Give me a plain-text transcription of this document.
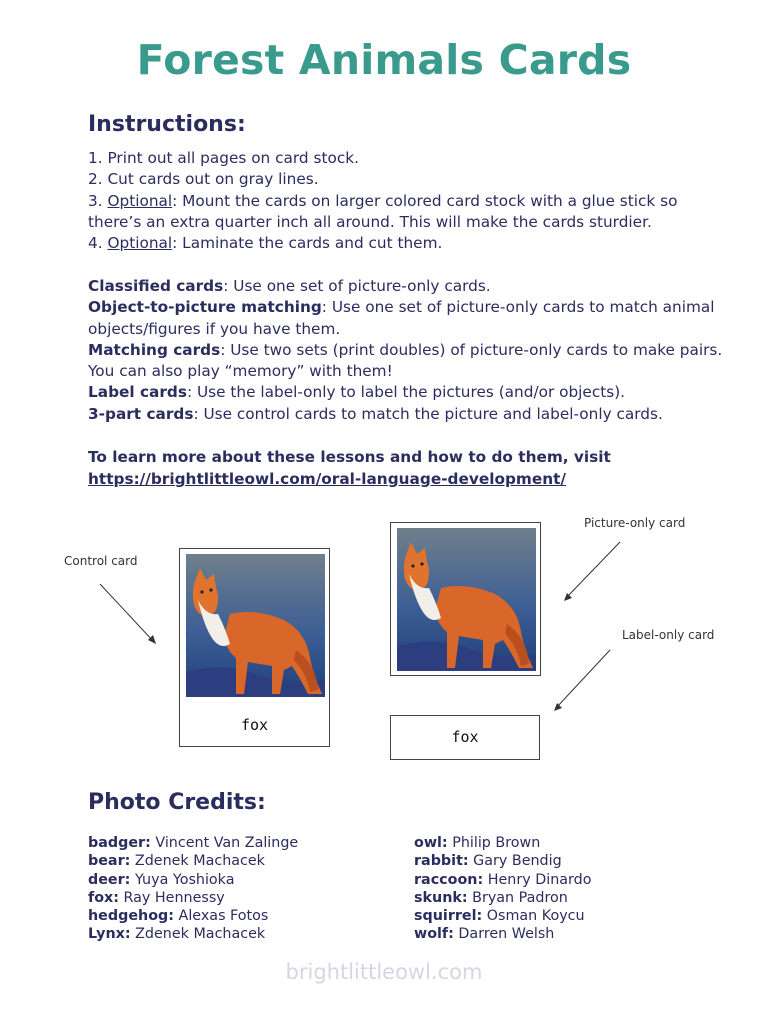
Forest Animals Cards
Instructions:

1. Print out all pages on card stock.

2. Cut cards out on gray lines.

3. Optional: Mount the cards on larger colored card stock with a glue stick so there’s an extra quarter inch all around. This will make the cards sturdier.

4. Optional: Laminate the cards and cut them.

Classified cards: Use one set of picture-only cards.

Object-to-picture matching: Use one set of picture-only cards to match animal objects/figures if you have them.

Matching cards: Use two sets (print doubles) of picture-only cards to make pairs. You can also play “memory” with them!

Label cards: Use the label-only to label the pictures (and/or objects).

3-part cards: Use control cards to match the picture and label-only cards.

To learn more about these lessons and how to do them, visit
https://brightlittleowl.com/oral-language-development/
Control card
fox
fox
Picture-only card
Label-only card
Photo Credits:
badger: Vincent Van Zalinge
bear: Zdenek Machacek
deer: Yuya Yoshioka
fox: Ray Hennessy
hedgehog: Alexas Fotos
Lynx: Zdenek Machacek
owl: Philip Brown
rabbit: Gary Bendig
raccoon: Henry Dinardo
skunk: Bryan Padron
squirrel: Osman Koycu
wolf: Darren Welsh
brightlittleowl.com
